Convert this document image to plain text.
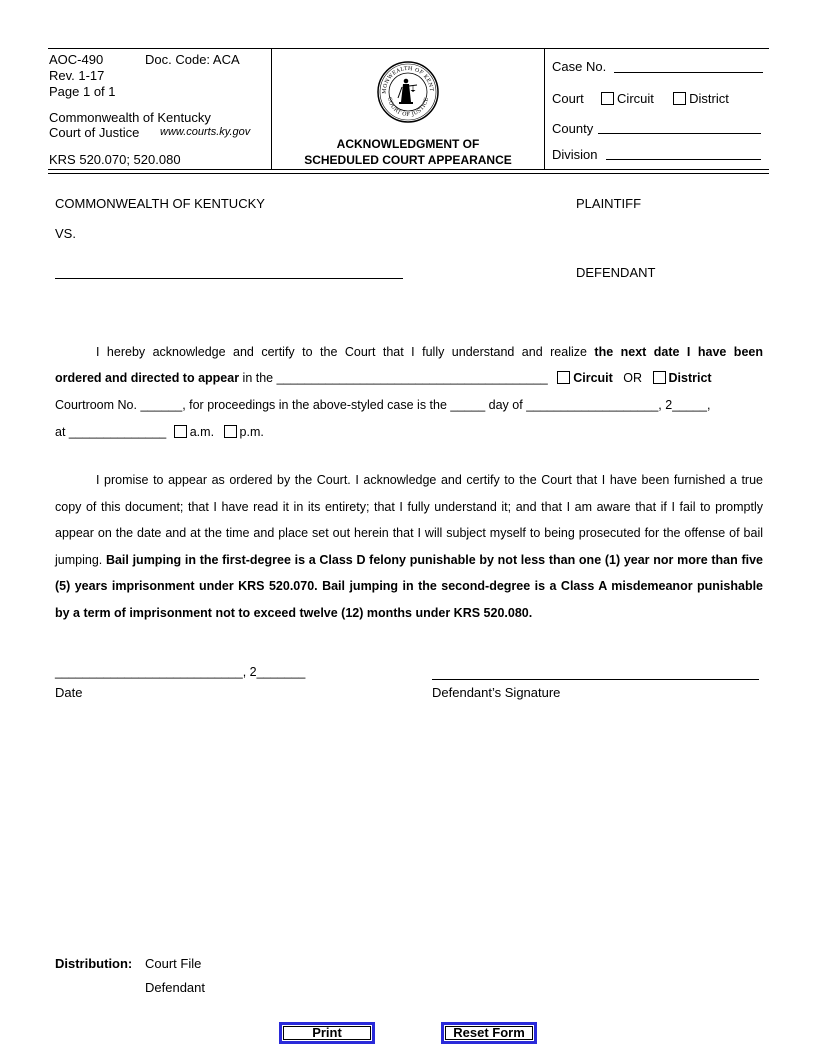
AOC-490	Doc. Code: ACA
Rev. 1-17
Page 1 of 1
Commonwealth of Kentucky
Court of Justice www.courts.ky.gov
KRS 520.070; 520.080
MONWEALTH OF KENT
COURT OF JUSTICE
ACKNOWLEDGMENT OF
SCHEDULED COURT APPEARANCE
Case No.
Court	Circuit	District
County
Division
COMMONWEALTH OF KENTUCKY	PLAINTIFF
VS.
DEFENDANT
I hereby acknowledge and certify to the Court that I fully understand and realize the next date I have been
ordered and directed to appear in the _______________________________________ Circuit OR District
Courtroom No. ______, for proceedings in the above-styled case is the _____ day of ___________________, 2_____,
at ______________ a.m. p.m.
I promise to appear as ordered by the Court. I acknowledge and certify to the Court that I have been furnished a true copy of this document; that I have read it in its entirety; that I fully understand it; and that I am aware that if I fail to promptly appear on the date and at the time and place set out herein that I will subject myself to being prosecuted for the offense of bail jumping. Bail jumping in the first-degree is a Class D felony punishable by not less than one (1) year nor more than five (5) years imprisonment under KRS 520.070. Bail jumping in the second-degree is a Class A misdemeanor punishable by a term of imprisonment not to exceed twelve (12) months under KRS 520.080.
___________________________, 2_______
Date	Defendant’s Signature
Distribution: Court File
Defendant
Print	Reset Form
